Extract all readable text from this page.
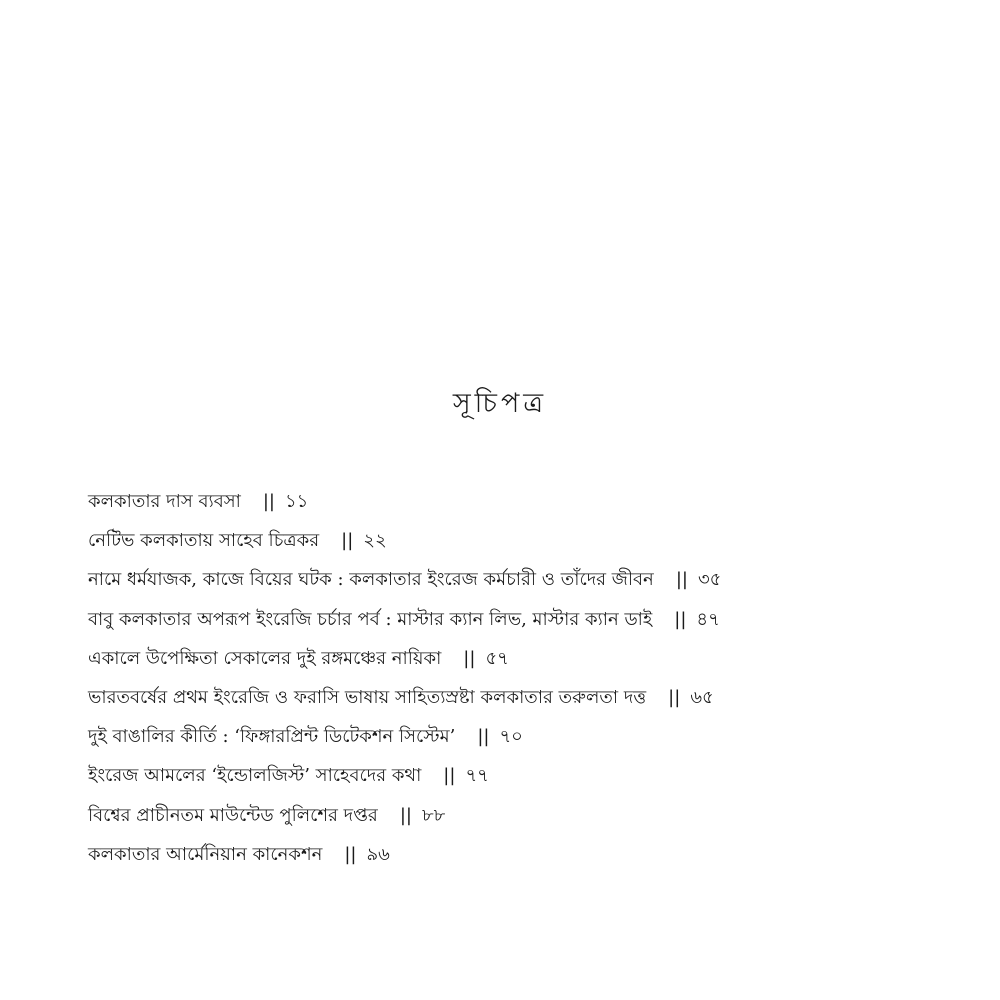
সূচিপত্র
কলকাতার দাস ব্যবসা || ১১
নেটিভ কলকাতায় সাহেব চিত্রকর || ২২
নামে ধর্মযাজক, কাজে বিয়ের ঘটক : কলকাতার ইংরেজ কর্মচারী ও তাঁদের জীবন || ৩৫
বাবু কলকাতার অপরূপ ইংরেজি চর্চার পর্ব : মাস্টার ক্যান লিভ, মাস্টার ক্যান ডাই || ৪৭
একালে উপেক্ষিতা সেকালের দুই রঙ্গমঞ্চের নায়িকা || ৫৭
ভারতবর্ষের প্রথম ইংরেজি ও ফরাসি ভাষায় সাহিত্যস্রষ্টা কলকাতার তরুলতা দত্ত || ৬৫
দুই বাঙালির কীর্তি : ‘ফিঙ্গারপ্রিন্ট ডিটেকশন সিস্টেম’ || ৭০
ইংরেজ আমলের ‘ইন্ডোলজিস্ট’ সাহেবদের কথা || ৭৭
বিশ্বের প্রাচীনতম মাউন্টেড পুলিশের দপ্তর || ৮৮
কলকাতার আর্মেনিয়ান কানেকশন || ৯৬
